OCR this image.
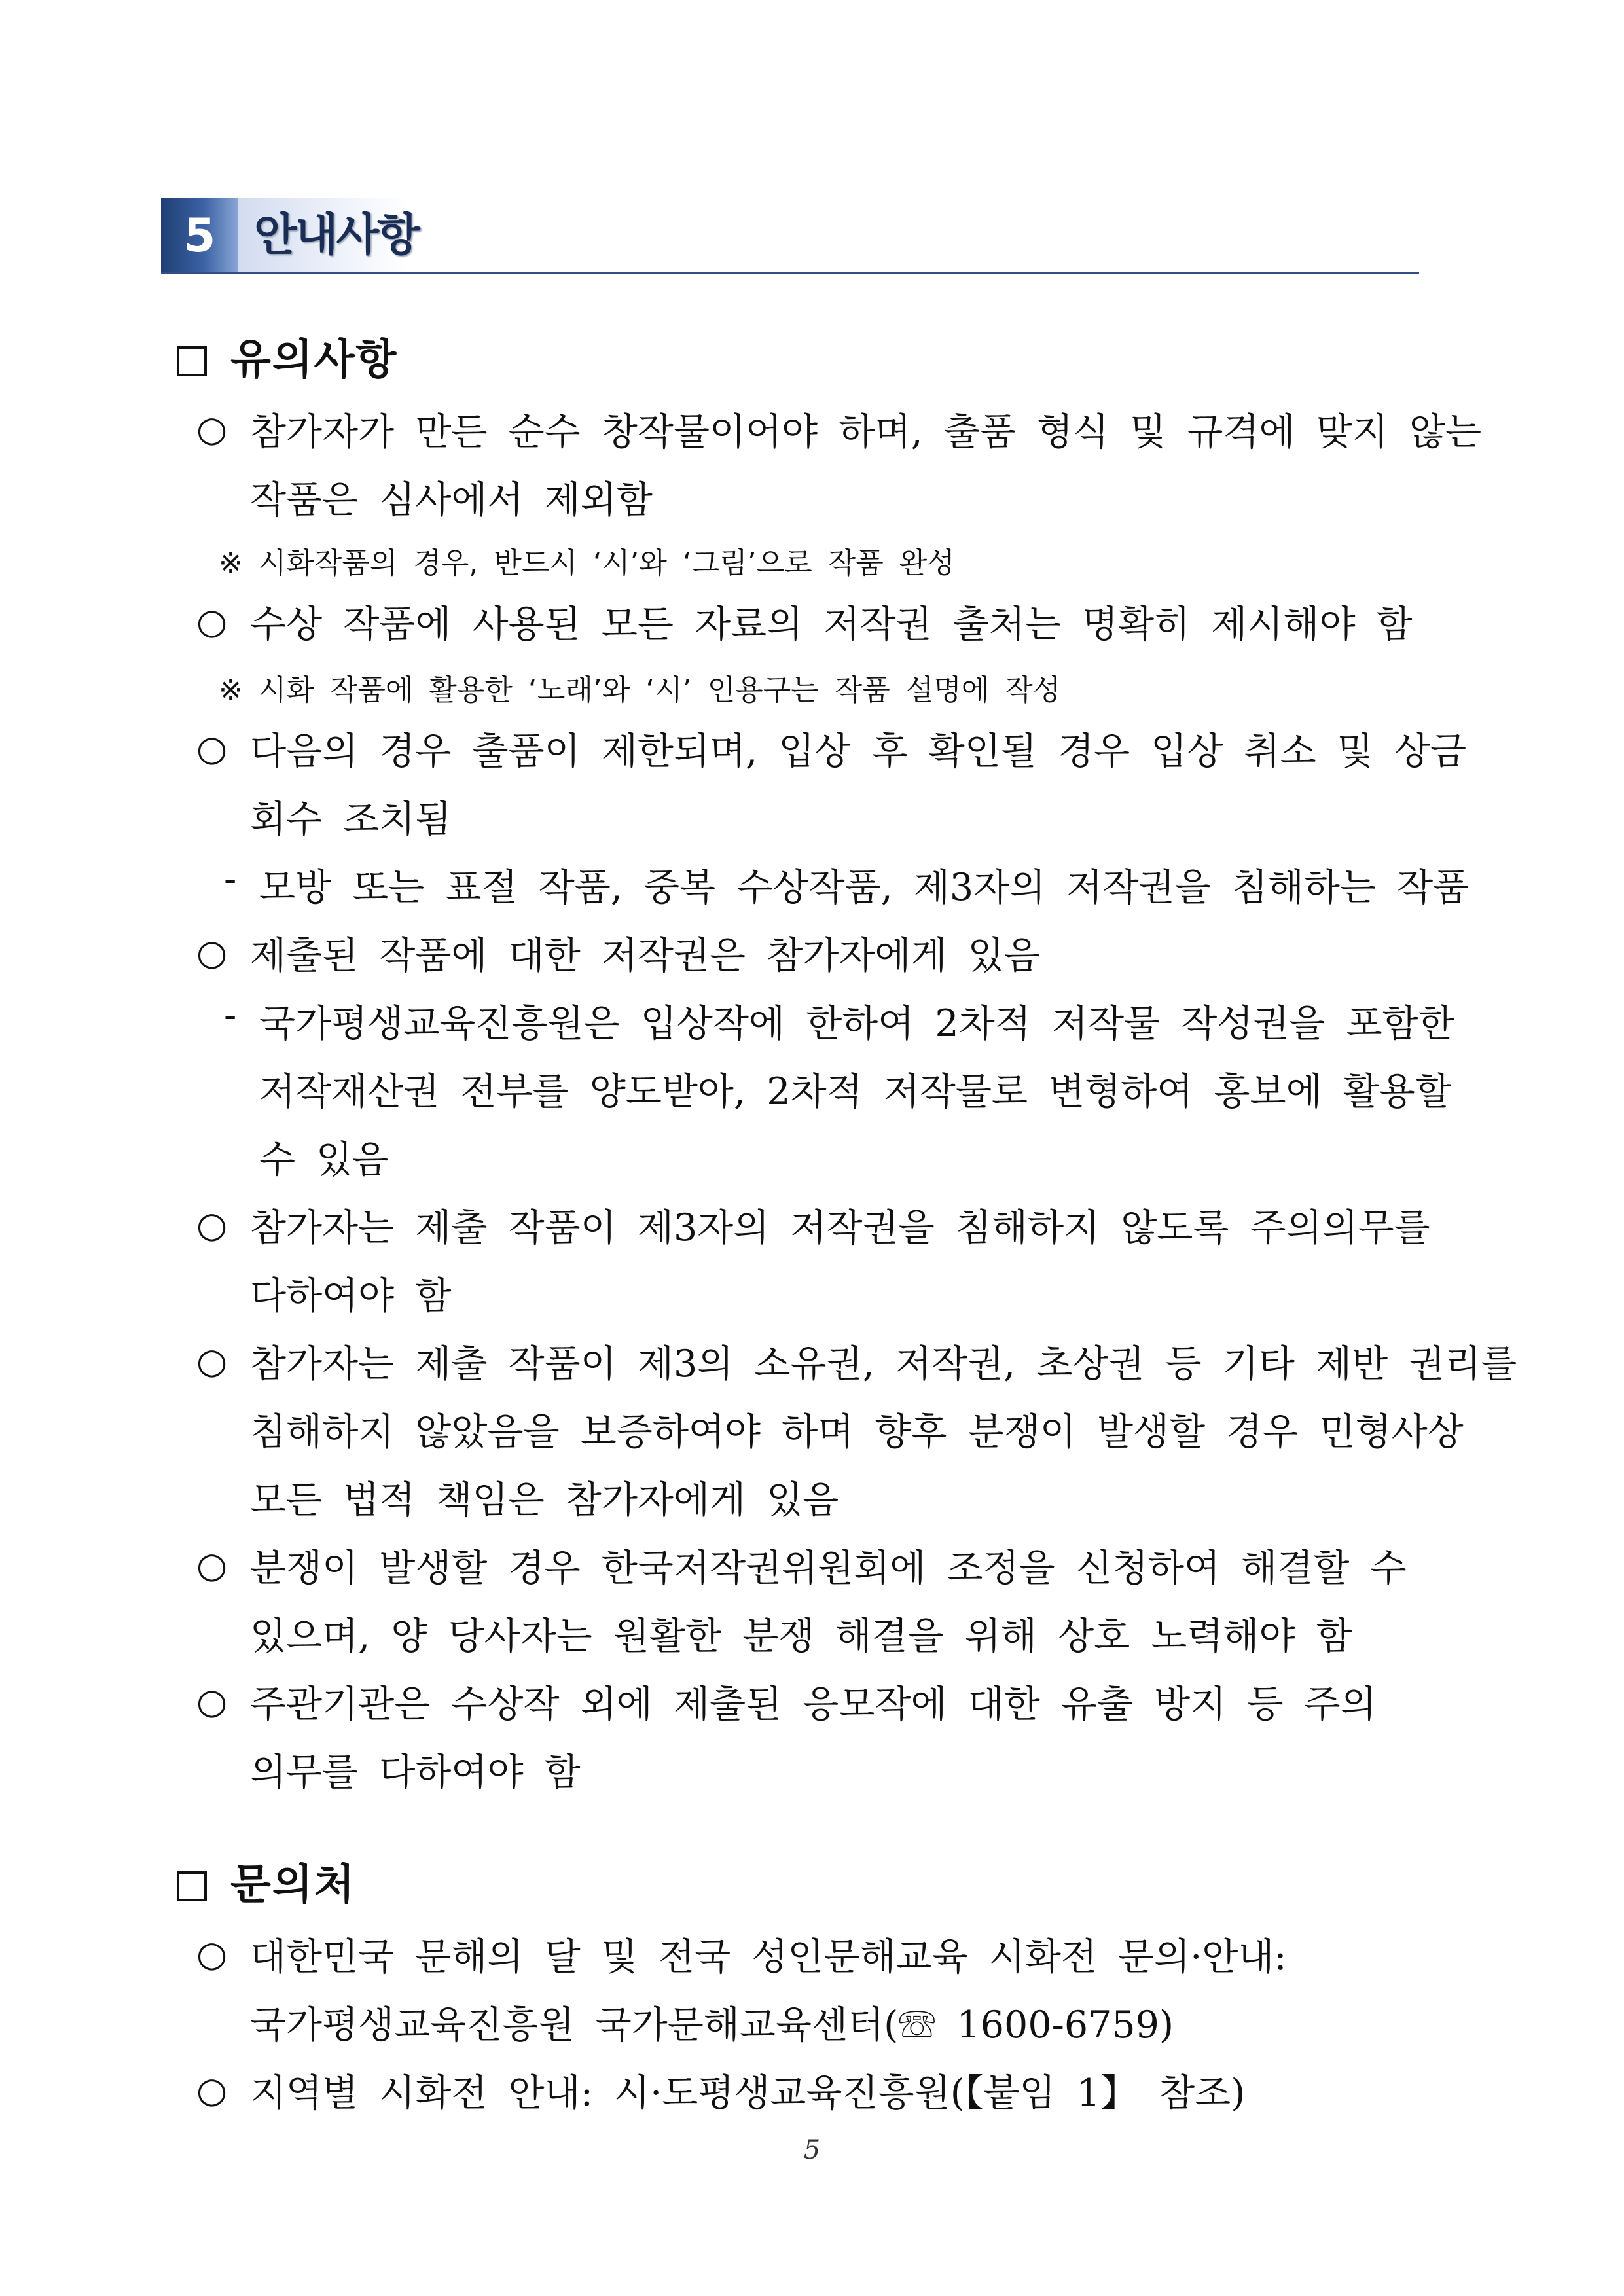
5 안내사항
유의사항
○ 참가자가 만든 순수 창작물이어야 하며, 출품 형식 및 규격에 맞지 않는
작품은 심사에서 제외함
※ 시화작품의 경우, 반드시 ‘시’와 ‘그림’으로 작품 완성
○ 수상 작품에 사용된 모든 자료의 저작권 출처는 명확히 제시해야 함
※ 시화 작품에 활용한 ‘노래’와 ‘시’ 인용구는 작품 설명에 작성
○ 다음의 경우 출품이 제한되며, 입상 후 확인될 경우 입상 취소 및 상금
회수 조치됨
- 모방 또는 표절 작품, 중복 수상작품, 제3자의 저작권을 침해하는 작품
○ 제출된 작품에 대한 저작권은 참가자에게 있음
- 국가평생교육진흥원은 입상작에 한하여 2차적 저작물 작성권을 포함한
저작재산권 전부를 양도받아, 2차적 저작물로 변형하여 홍보에 활용할
수 있음
○ 참가자는 제출 작품이 제3자의 저작권을 침해하지 않도록 주의의무를
다하여야 함
○ 참가자는 제출 작품이 제3의 소유권, 저작권, 초상권 등 기타 제반 권리를
침해하지 않았음을 보증하여야 하며 향후 분쟁이 발생할 경우 민형사상
모든 법적 책임은 참가자에게 있음
○ 분쟁이 발생할 경우 한국저작권위원회에 조정을 신청하여 해결할 수
있으며, 양 당사자는 원활한 분쟁 해결을 위해 상호 노력해야 함
○ 주관기관은 수상작 외에 제출된 응모작에 대한 유출 방지 등 주의
의무를 다하여야 함
문의처
○ 대한민국 문해의 달 및 전국 성인문해교육 시화전 문의·안내:
국가평생교육진흥원 국가문해교육센터(☏ 1600-6759)
○ 지역별 시화전 안내: 시·도평생교육진흥원(【붙임 1】 참조)
5
